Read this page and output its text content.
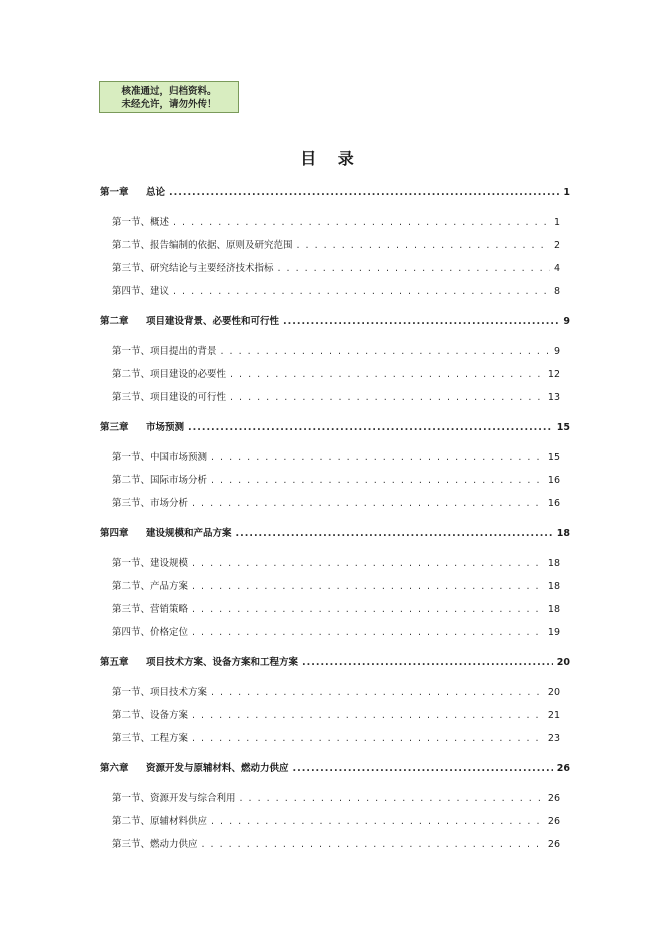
核准通过，归档资料。
未经允许，请勿外传！
目 录
第一章 总论 .....	1
第一节、概述 . . .	1
第二节、报告编制的依据、原则及研究范围 . . .	2
第三节、研究结论与主要经济技术指标 . . .	4
第四节、建议 . . .	8
第二章 项目建设背景、必要性和可行性 .....	9
第一节、项目提出的背景 . . .	9
第二节、项目建设的必要性 . . .	12
第三节、项目建设的可行性 . . .	13
第三章 市场预测 .....	15
第一节、中国市场预测 . . .	15
第二节、国际市场分析 . . .	16
第三节、市场分析 . . .	16
第四章 建设规模和产品方案 .....	18
第一节、建设规模 . . .	18
第二节、产品方案 . . .	18
第三节、营销策略 . . .	18
第四节、价格定位 . . .	19
第五章 项目技术方案、设备方案和工程方案 .....	20
第一节、项目技术方案 . . .	20
第二节、设备方案 . . .	21
第三节、工程方案 . . .	23
第六章 资源开发与原辅材料、燃动力供应 .....	26
第一节、资源开发与综合利用 . . .	26
第二节、原辅材料供应 . . .	26
第三节、燃动力供应 . . .	26
